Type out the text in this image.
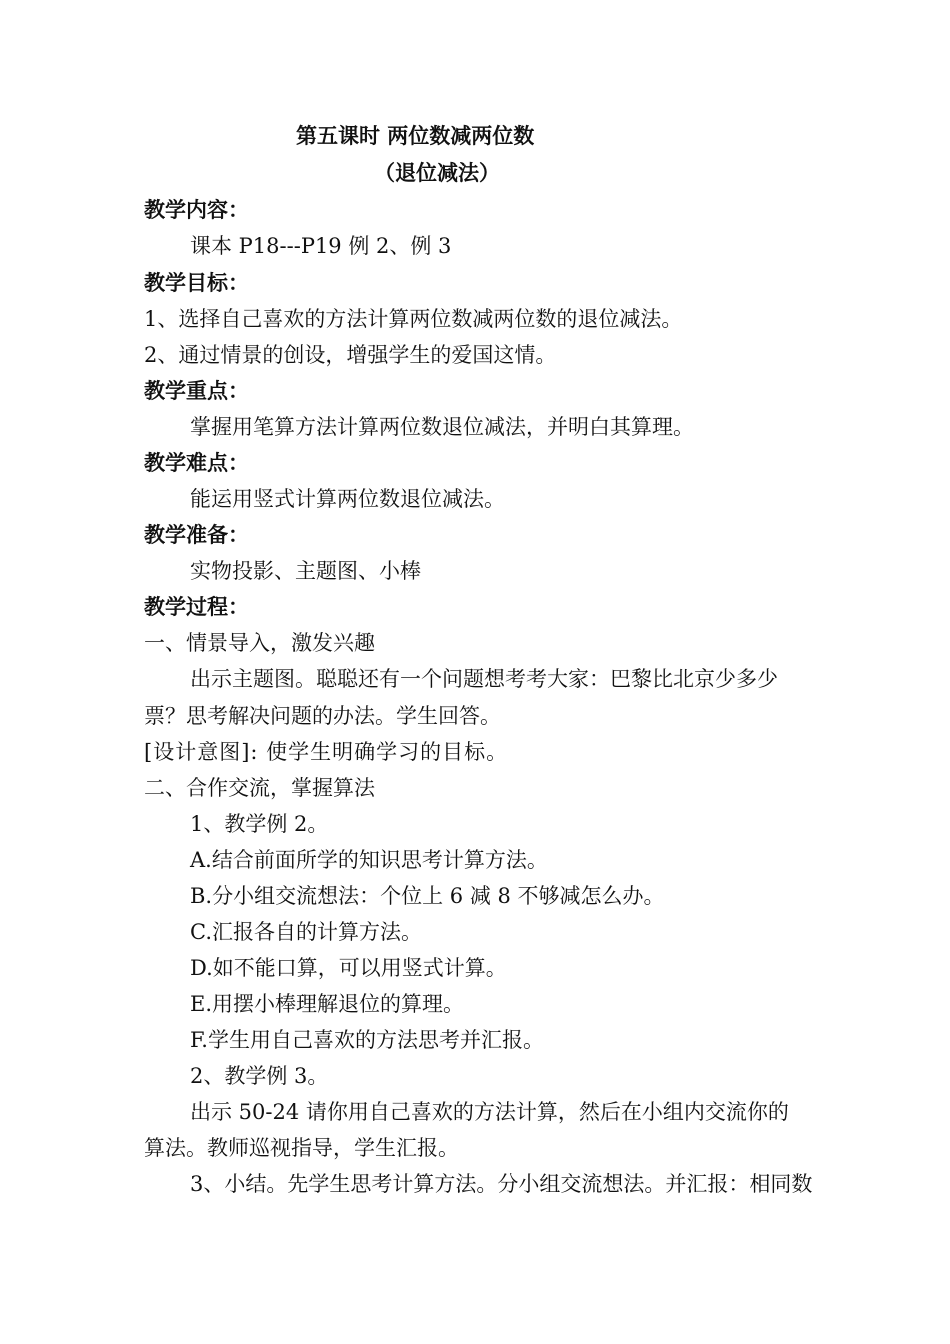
第五课时 两位数减两位数
（退位减法）
教学内容：
课本 P18---P19 例 2、例 3
教学目标：
1、选择自己喜欢的方法计算两位数减两位数的退位减法。
2、通过情景的创设，增强学生的爱国这情。
教学重点：
掌握用笔算方法计算两位数退位减法，并明白其算理。
教学难点：
能运用竖式计算两位数退位减法。
教学准备：
实物投影、主题图、小棒
教学过程：
一、情景导入，激发兴趣
出示主题图。聪聪还有一个问题想考考大家：巴黎比北京少多少
票？思考解决问题的办法。学生回答。
[设计意图]: 使学生明确学习的目标。
二、合作交流，掌握算法
1、教学例 2。
A.结合前面所学的知识思考计算方法。
B.分小组交流想法：个位上 6 减 8 不够减怎么办。
C.汇报各自的计算方法。
D.如不能口算，可以用竖式计算。
E.用摆小棒理解退位的算理。
F.学生用自己喜欢的方法思考并汇报。
2、教学例 3。
出示 50-24 请你用自己喜欢的方法计算，然后在小组内交流你的
算法。教师巡视指导，学生汇报。
3、小结。先学生思考计算方法。分小组交流想法。并汇报：相同数
